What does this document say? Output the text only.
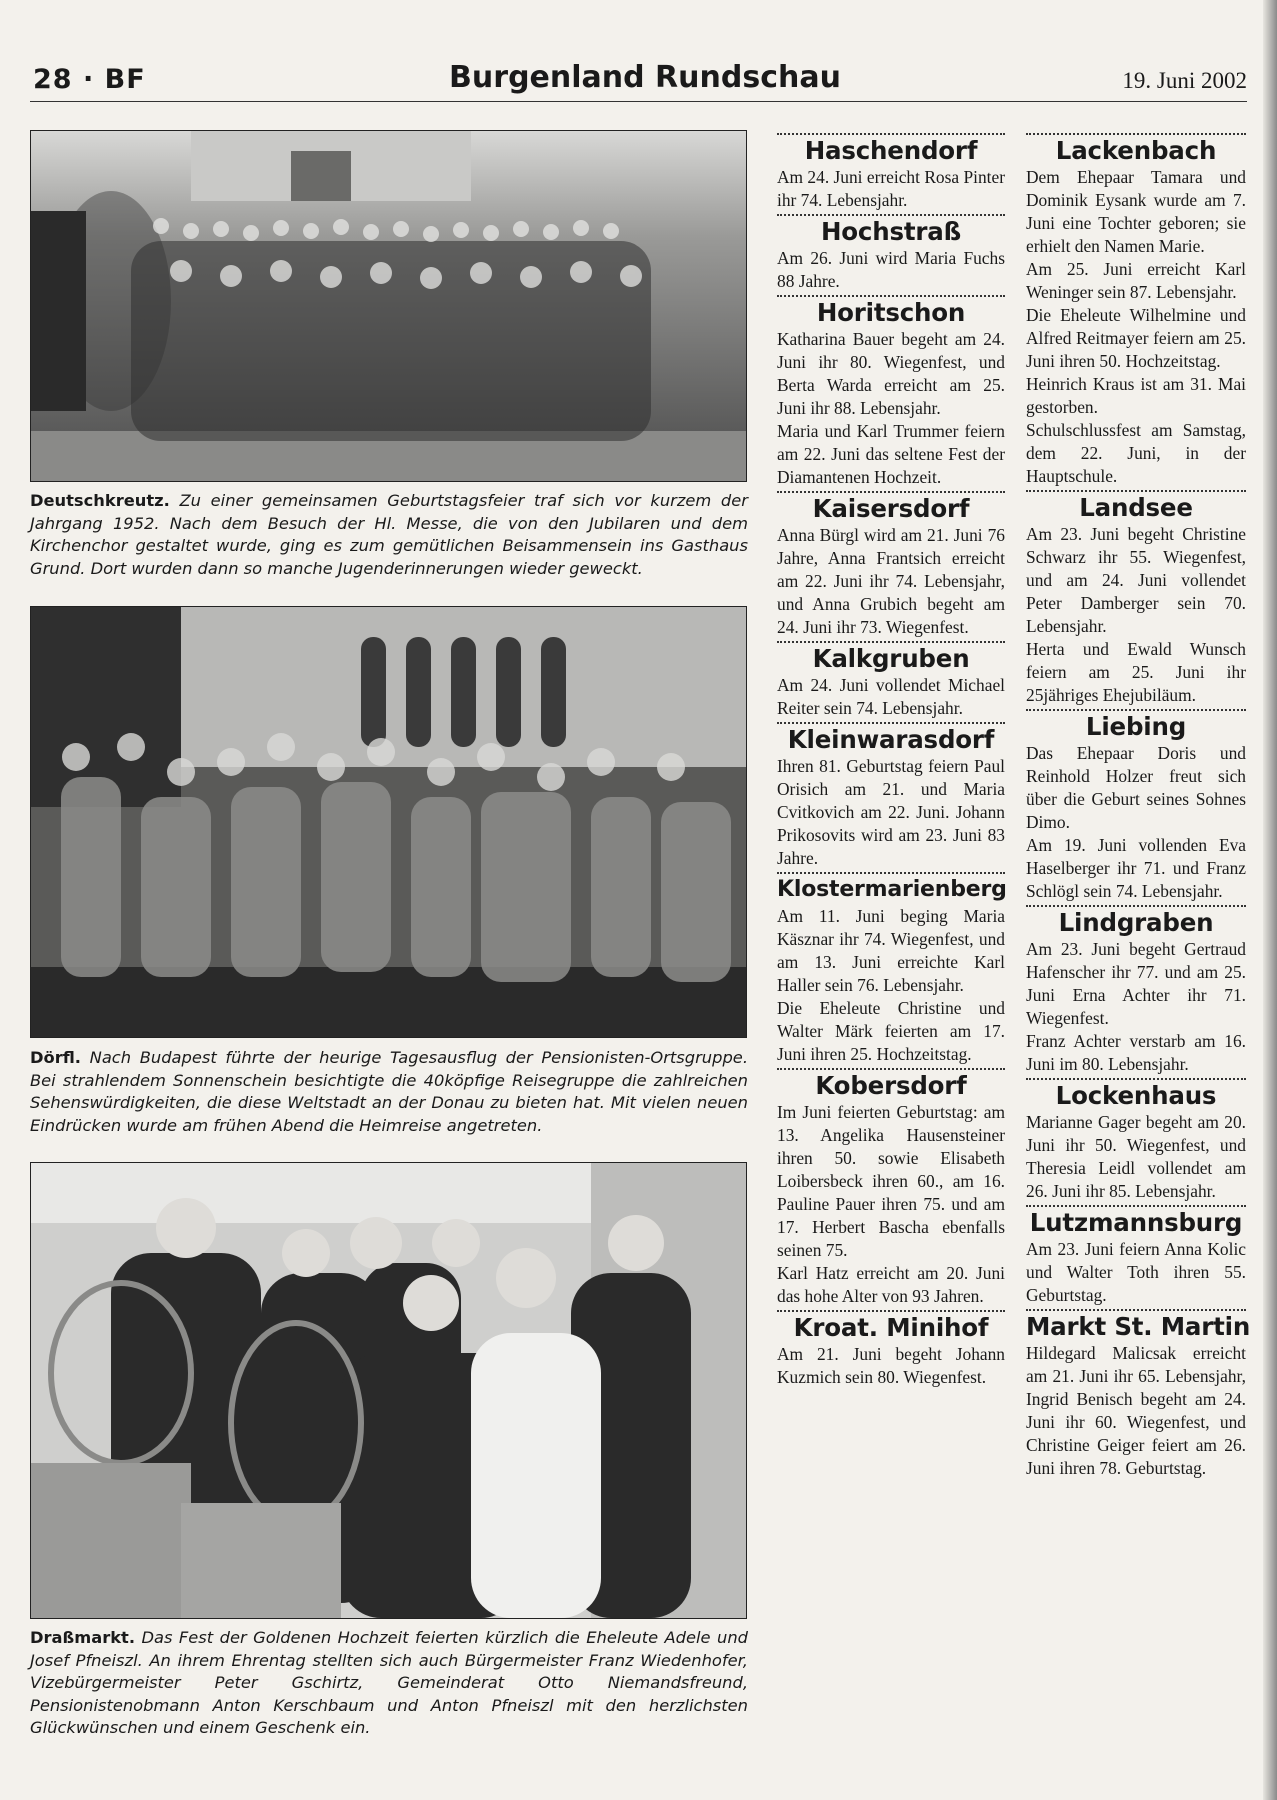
28 · BF	Burgenland Rundschau	19. Juni 2002
Deutschkreutz. Zu einer gemeinsamen Geburtstagsfeier traf sich vor kurzem der Jahrgang 1952. Nach dem Besuch der Hl. Messe, die von den Jubilaren und dem Kirchenchor gestaltet wurde, ging es zum gemütlichen Beisammensein ins Gasthaus Grund. Dort wurden dann so manche Jugenderinnerungen wieder geweckt.
Dörfl. Nach Budapest führte der heurige Tagesausflug der Pensionisten-Ortsgruppe. Bei strahlendem Sonnenschein besichtigte die 40köpfige Reisegruppe die zahlreichen Sehenswürdigkeiten, die diese Weltstadt an der Donau zu bieten hat. Mit vielen neuen Eindrücken wurde am frühen Abend die Heimreise angetreten.
Draßmarkt. Das Fest der Goldenen Hochzeit feierten kürzlich die Eheleute Adele und Josef Pfneiszl. An ihrem Ehrentag stellten sich auch Bürgermeister Franz Wiedenhofer, Vizebürgermeister Peter Gschirtz, Gemeinderat Otto Niemandsfreund, Pensionistenobmann Anton Kerschbaum und Anton Pfneiszl mit den herzlichsten Glückwünschen und einem Geschenk ein.
Haschendorf

Am 24. Juni erreicht Rosa Pinter ihr 74. Lebensjahr.

Hochstraß

Am 26. Juni wird Maria Fuchs 88 Jahre.

Horitschon

Katharina Bauer begeht am 24. Juni ihr 80. Wiegenfest, und Berta Warda erreicht am 25. Juni ihr 88. Lebensjahr.

Maria und Karl Trummer feiern am 22. Juni das seltene Fest der Diamantenen Hochzeit.

Kaisersdorf

Anna Bürgl wird am 21. Juni 76 Jahre, Anna Frantsich erreicht am 22. Juni ihr 74. Lebensjahr, und Anna Grubich begeht am 24. Juni ihr 73. Wiegenfest.

Kalkgruben

Am 24. Juni vollendet Michael Reiter sein 74. Lebensjahr.

Kleinwarasdorf

Ihren 81. Geburtstag feiern Paul Orisich am 21. und Maria Cvitkovich am 22. Juni. Johann Prikosovits wird am 23. Juni 83 Jahre.

Klostermarienberg

Am 11. Juni beging Maria Käsznar ihr 74. Wiegenfest, und am 13. Juni erreichte Karl Haller sein 76. Lebensjahr.

Die Eheleute Christine und Walter Märk feierten am 17. Juni ihren 25. Hochzeitstag.

Kobersdorf

Im Juni feierten Geburtstag: am 13. Angelika Hausensteiner ihren 50. sowie Elisabeth Loibersbeck ihren 60., am 16. Pauline Pauer ihren 75. und am 17. Herbert Bascha ebenfalls seinen 75.

Karl Hatz erreicht am 20. Juni das hohe Alter von 93 Jahren.

Kroat. Minihof

Am 21. Juni begeht Johann Kuzmich sein 80. Wiegenfest.

Lackenbach

Dem Ehepaar Tamara und Dominik Eysank wurde am 7. Juni eine Tochter geboren; sie erhielt den Namen Marie.

Am 25. Juni erreicht Karl Weninger sein 87. Lebensjahr.

Die Eheleute Wilhelmine und Alfred Reitmayer feiern am 25. Juni ihren 50. Hochzeitstag.

Heinrich Kraus ist am 31. Mai gestorben.

Schulschlussfest am Samstag, dem 22. Juni, in der Hauptschule.

Landsee

Am 23. Juni begeht Christine Schwarz ihr 55. Wiegenfest, und am 24. Juni vollendet Peter Damberger sein 70. Lebensjahr.

Herta und Ewald Wunsch feiern am 25. Juni ihr 25jähriges Ehejubiläum.

Liebing

Das Ehepaar Doris und Reinhold Holzer freut sich über die Geburt seines Sohnes Dimo.

Am 19. Juni vollenden Eva Haselberger ihr 71. und Franz Schlögl sein 74. Lebensjahr.

Lindgraben

Am 23. Juni begeht Gertraud Hafenscher ihr 77. und am 25. Juni Erna Achter ihr 71. Wiegenfest.

Franz Achter verstarb am 16. Juni im 80. Lebensjahr.

Lockenhaus

Marianne Gager begeht am 20. Juni ihr 50. Wiegenfest, und Theresia Leidl vollendet am 26. Juni ihr 85. Lebensjahr.

Lutzmannsburg

Am 23. Juni feiern Anna Kolic und Walter Toth ihren 55. Geburtstag.

Markt St. Martin

Hildegard Malicsak erreicht am 21. Juni ihr 65. Lebensjahr, Ingrid Benisch begeht am 24. Juni ihr 60. Wiegenfest, und Christine Geiger feiert am 26. Juni ihren 78. Geburtstag.
